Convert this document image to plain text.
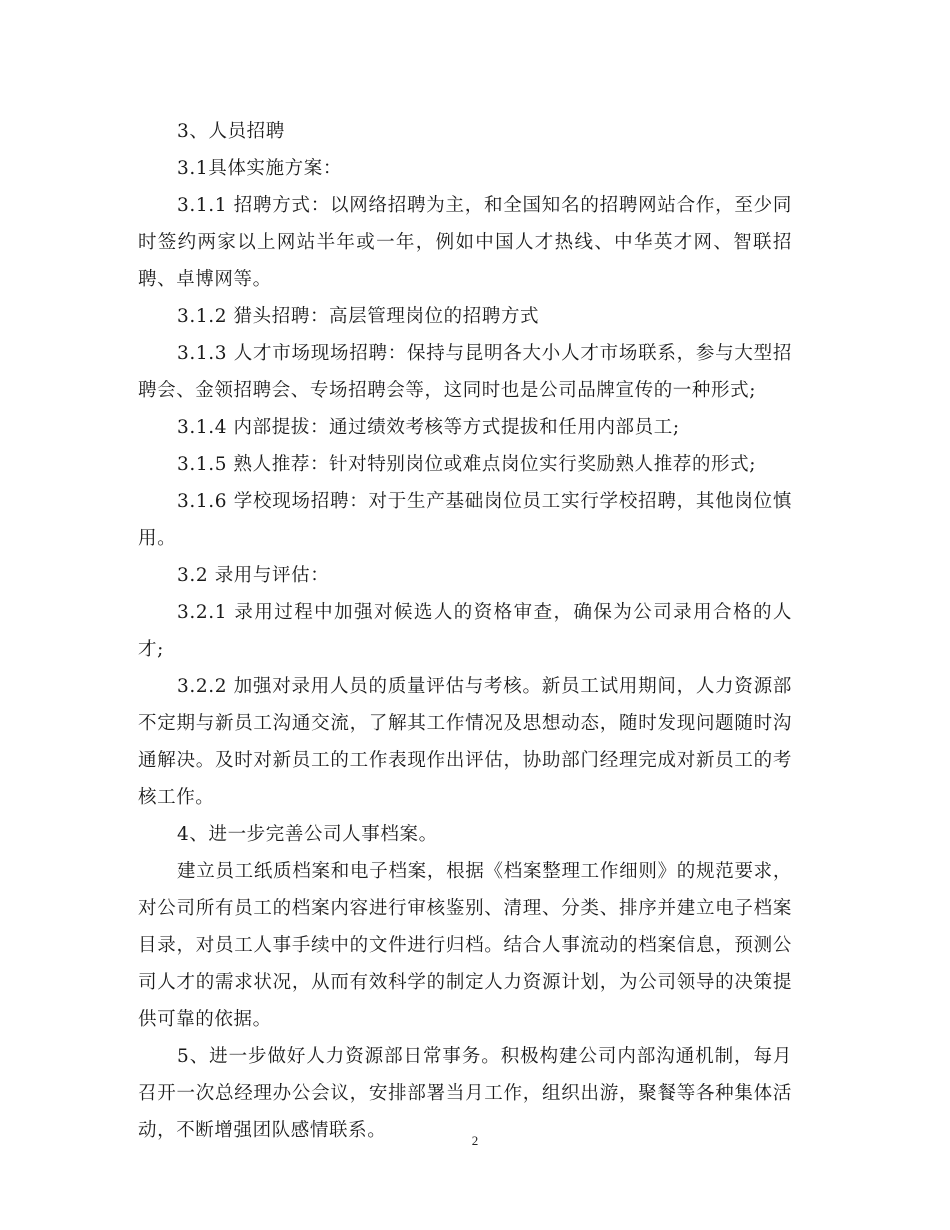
3、人员招聘

3.1具体实施方案：

3.1.1 招聘方式：以网络招聘为主，和全国知名的招聘网站合作，至少同时签约两家以上网站半年或一年，例如中国人才热线、中华英才网、智联招聘、卓博网等。

3.1.2 猎头招聘：高层管理岗位的招聘方式

3.1.3 人才市场现场招聘：保持与昆明各大小人才市场联系，参与大型招聘会、金领招聘会、专场招聘会等，这同时也是公司品牌宣传的一种形式;

3.1.4 内部提拔：通过绩效考核等方式提拔和任用内部员工;

3.1.5 熟人推荐：针对特别岗位或难点岗位实行奖励熟人推荐的形式;

3.1.6 学校现场招聘：对于生产基础岗位员工实行学校招聘，其他岗位慎用。

3.2 录用与评估：

3.2.1 录用过程中加强对候选人的资格审查，确保为公司录用合格的人才;

3.2.2 加强对录用人员的质量评估与考核。新员工试用期间，人力资源部不定期与新员工沟通交流，了解其工作情况及思想动态，随时发现问题随时沟通解决。及时对新员工的工作表现作出评估，协助部门经理完成对新员工的考核工作。

4、进一步完善公司人事档案。

建立员工纸质档案和电子档案，根据《档案整理工作细则》的规范要求，对公司所有员工的档案内容进行审核鉴别、清理、分类、排序并建立电子档案目录，对员工人事手续中的文件进行归档。结合人事流动的档案信息，预测公司人才的需求状况，从而有效科学的制定人力资源计划，为公司领导的决策提供可靠的依据。

5、进一步做好人力资源部日常事务。积极构建公司内部沟通机制，每月召开一次总经理办公会议，安排部署当月工作，组织出游，聚餐等各种集体活动，不断增强团队感情联系。	2
